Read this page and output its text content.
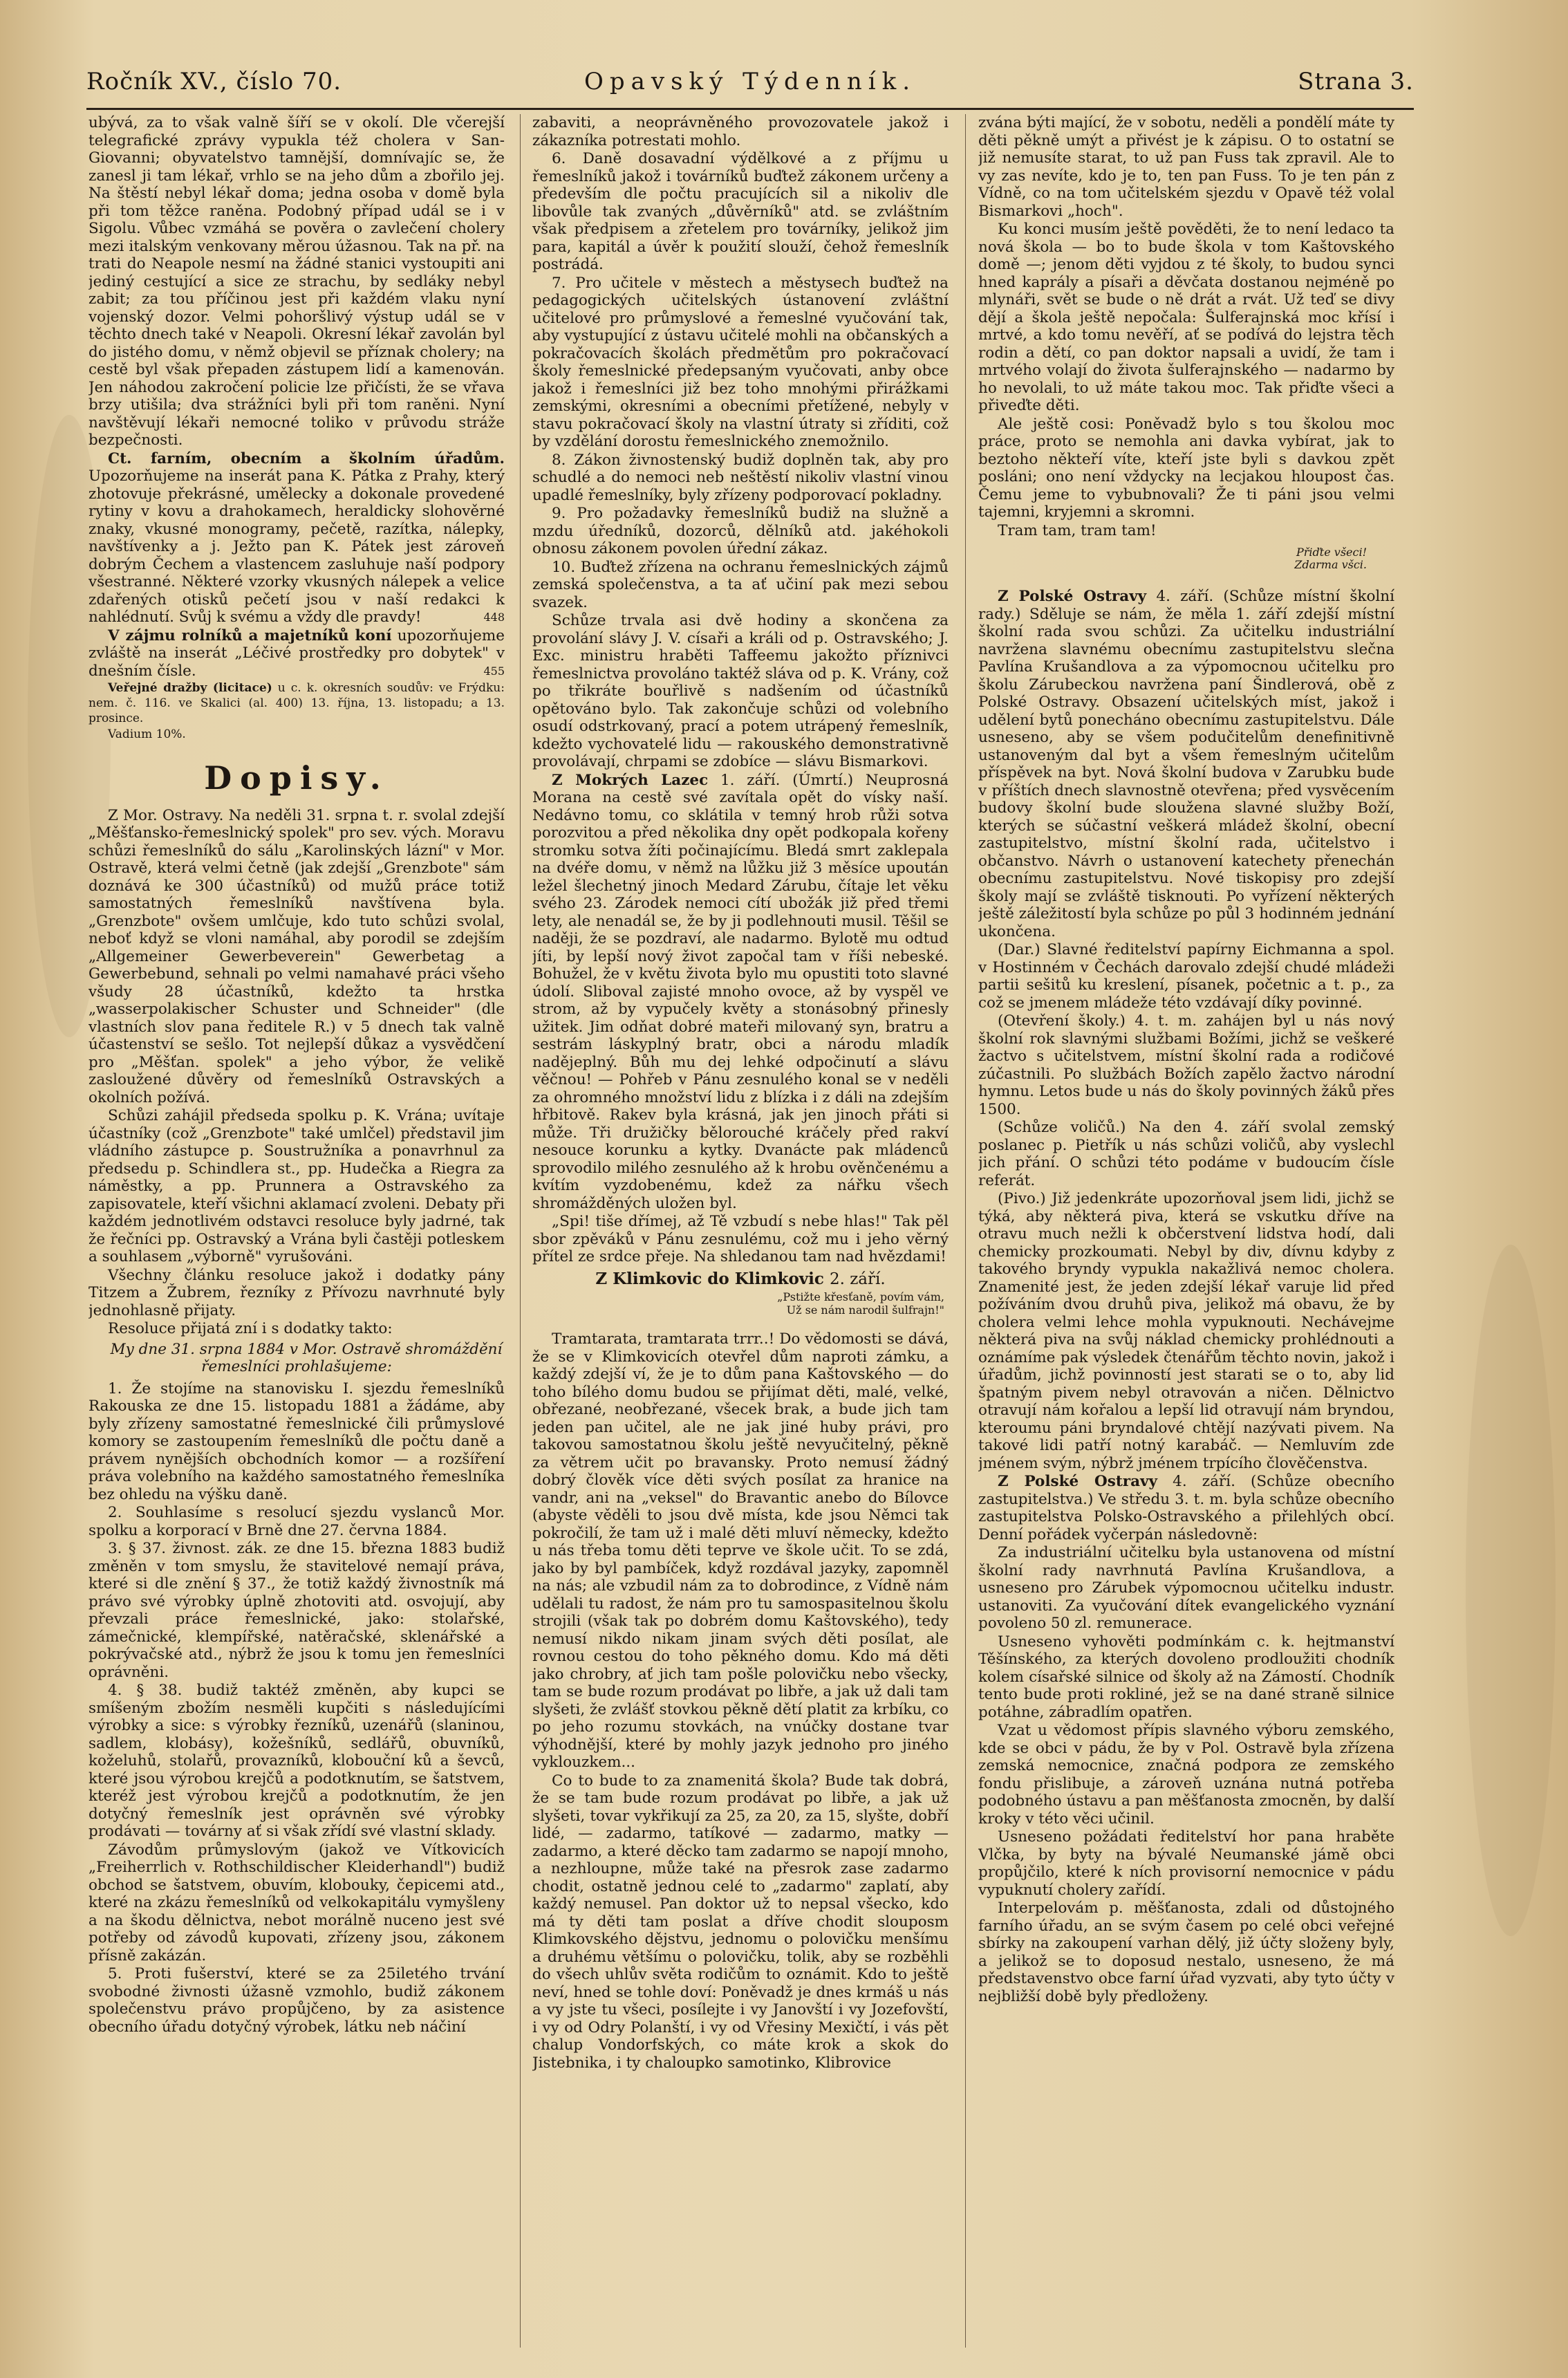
Ročník XV., číslo 70.	Opavský Týdenník.	Strana 3.

ubývá, za to však valně šíří se v okolí. Dle včerejší telegrafické zprávy vypukla též cholera v San-Giovanni; obyvatelstvo tamnější, domnívajíc se, že zanesl ji tam lékař, vrhlo se na jeho dům a zbořilo jej. Na štěstí nebyl lékař doma; jedna osoba v domě byla při tom těžce raněna. Podobný případ udál se i v Sigolu. Vůbec vzmáhá se pověra o zavlečení cholery mezi italským venkovany měrou úžasnou. Tak na př. na trati do Neapole nesmí na žádné stanici vystoupiti ani jediný cestující a sice ze strachu, by sedláky nebyl zabit; za tou příčinou jest při každém vlaku nyní vojenský dozor. Velmi pohoršlivý výstup udál se v těchto dnech také v Neapoli. Okresní lékař zavolán byl do jistého domu, v němž objevil se příznak cholery; na cestě byl však přepaden zástupem lidí a kamenován. Jen náhodou zakročení policie lze přičísti, že se vřava brzy utišila; dva strážníci byli při tom raněni. Nyní navštěvují lékaři nemocné toliko v průvodu stráže bezpečnosti.

Ct. farním, obecním a školním úřadům. Upozorňujeme na inserát pana K. Pátka z Prahy, který zhotovuje překrásné, umělecky a dokonale provedené rytiny v kovu a drahokamech, heraldicky slohověrné znaky, vkusné monogramy, pečetě, razítka, nálepky, navštívenky a j. Ježto pan K. Pátek jest zároveň dobrým Čechem a vlastencem zasluhuje naší podpory všestranné. Některé vzorky vkusných nálepek a velice zdařených otisků pečetí jsou v naší redakci k nahlédnutí. Svůj k svému a vždy dle pravdy!	448

V zájmu rolníků a majetníků koní upozorňujeme zvláště na inserát „Léčivé prostředky pro dobytek" v dnešním čísle.	455

Veřejné dražby (licitace) u c. k. okresních soudův: ve Frýdku: nem. č. 116. ve Skalici (al. 400) 13. října, 13. listopadu; a 13. prosince.

Vadium 10%.

Dopisy.

Z Mor. Ostravy. Na neděli 31. srpna t. r. svolal zdejší „Měšťansko-řemeslnický spolek" pro sev. vých. Moravu schůzi řemeslníků do sálu „Karolinských lázní" v Mor. Ostravě, která velmi četně (jak zdejší „Grenzbote" sám doznává ke 300 účastníků) od mužů práce totiž samostatných řemeslníků navštívena byla. „Grenzbote" ovšem umlčuje, kdo tuto schůzi svolal, neboť když se vloni namáhal, aby porodil se zdejším „Allgemeiner Gewerbeverein" Gewerbetag a Gewerbebund, sehnali po velmi namahavé práci všeho všudy 28 účastníků, kdežto ta hrstka „wasserpolakischer Schuster und Schneider" (dle vlastních slov pana ředitele R.) v 5 dnech tak valně účastenství se sešlo. Tot nejlepší důkaz a vysvědčení pro „Měšťan. spolek" a jeho výbor, že velikě zasloužené důvěry od řemeslníků Ostravských a okolních požívá.

Schůzi zahájil předseda spolku p. K. Vrána; uvítaje účastníky (což „Grenzbote" také umlčel) představil jim vládního zástupce p. Soustružníka a ponavrhnul za předsedu p. Schindlera st., pp. Hudečka a Riegra za náměstky, a pp. Prunnera a Ostravského za zapisovatele, kteří všichni aklamací zvoleni. Debaty při každém jednotlivém odstavci resoluce byly jadrné, tak že řečníci pp. Ostravský a Vrána byli častěji potleskem a souhlasem „výborně" vyrušováni.

Všechny článku resoluce jakož i dodatky pány Titzem a Žubrem, řezníky z Přívozu navrhnuté byly jednohlasně přijaty.

Resoluce přijatá zní i s dodatky takto:

My dne 31. srpna 1884 v Mor. Ostravě shromáždění řemeslníci prohlašujeme:

1. Že stojíme na stanovisku I. sjezdu řemeslníků Rakouska ze dne 15. listopadu 1881 a žádáme, aby byly zřízeny samostatné řemeslnické čili průmyslové komory se zastoupením řemeslníků dle počtu daně a právem nynějších obchodních komor — a rozšíření práva volebního na každého samostatného řemeslníka bez ohledu na výšku daně.

2. Souhlasíme s resolucí sjezdu vyslanců Mor. spolku a korporací v Brně dne 27. června 1884.

3. § 37. živnost. zák. ze dne 15. března 1883 budiž změněn v tom smyslu, že stavitelové nemají práva, které si dle znění § 37., že totiž každý živnostník má právo své výrobky úplně zhotoviti atd. osvojují, aby převzali práce řemeslnické, jako: stolařské, zámečnické, klempířské, natěračské, sklenářské a pokrývačské atd., nýbrž že jsou k tomu jen řemeslníci oprávněni.

4. § 38. budiž taktéž změněn, aby kupci se smíšeným zbožím nesměli kupčiti s následujícími výrobky a sice: s výrobky řezníků, uzenářů (slaninou, sadlem, klobásy), kožešníků, sedlářů, obuvníků, koželuhů, stolařů, provazníků, klobouční ků a ševců, které jsou výrobou krejčů a podotknutím, se šatstvem, kteréž jest výrobou krejčů a podotknutím, že jen dotyčný řemeslník jest oprávněn své výrobky prodávati — továrny ať si však zřídí své vlastní sklady.

Závodům průmyslovým (jakož ve Vítkovicích „Freiherrlich v. Rothschildischer Kleiderhandl") budiž obchod se šatstvem, obuvím, klobouky, čepicemi atd., které na zkázu řemeslníků od velkokapitálu vymyšleny a na škodu dělnictva, nebot morálně nuceno jest své potřeby od závodů kupovati, zřízeny jsou, zákonem přísně zakázán.

5. Proti fušerství, které se za 25iletého trvání svobodné živnosti úžasně vzmohlo, budiž zákonem společenstvu právo propůjčeno, by za asistence obecního úřadu dotyčný výrobek, látku neb náčiní

zabaviti, a neoprávněného provozovatele jakož i zákazníka potrestati mohlo.

6. Daně dosavadní výdělkové a z příjmu u řemeslníků jakož i továrníků buďtež zákonem určeny a především dle počtu pracujících sil a nikoliv dle libovůle tak zvaných „důvěrníků" atd. se zvláštním však předpisem a zřetelem pro továrníky, jelikož jim para, kapitál a úvěr k použití slouží, čehož řemeslník postrádá.

7. Pro učitele v městech a městysech buďtež na pedagogických učitelských ústanovení zvláštní učitelové pro průmyslové a řemeslné vyučování tak, aby vystupující z ústavu učitelé mohli na občanských a pokračovacích školách předmětům pro pokračovací školy řemeslnické předepsaným vyučovati, anby obce jakož i řemeslníci již bez toho mnohými přirážkami zemskými, okresními a obecními přetížené, nebyly v stavu pokračovací školy na vlastní útraty si zříditi, což by vzdělání dorostu řemeslnického znemožnilo.

8. Zákon živnostenský budiž doplněn tak, aby pro schudlé a do nemoci neb neštěstí nikoliv vlastní vinou upadlé řemeslníky, byly zřízeny podporovací pokladny.

9. Pro požadavky řemeslníků budiž na služně a mzdu úředníků, dozorců, dělníků atd. jakéhokoli obnosu zákonem povolen úřední zákaz.

10. Buďtež zřízena na ochranu řemeslnických zájmů zemská společenstva, a ta ať učiní pak mezi sebou svazek.

Schůze trvala asi dvě hodiny a skončena za provolání slávy J. V. císaři a králi od p. Ostravského; J. Exc. ministru hraběti Taffeemu jakožto příznivci řemeslnictva provoláno taktéž sláva od p. K. Vrány, což po třikráte bouřlivě s nadšením od účastníků opětováno bylo. Tak zakončuje schůzi od volebního osudí odstrkovaný, prací a potem utrápený řemeslník, kdežto vychovatelé lidu — rakouského demonstrativně provolávají, chrpami se zdobíce — slávu Bismarkovi.

Z Mokrých Lazec 1. září. (Úmrtí.) Neuprosná Morana na cestě své zavítala opět do vísky naší. Nedávno tomu, co sklátila v temný hrob růži sotva porozvitou a před několika dny opět podkopala kořeny stromku sotva žíti počinajícímu. Bledá smrt zaklepala na dvéře domu, v němž na lůžku již 3 měsíce upoután ležel šlechetný jinoch Medard Zárubu, čítaje let věku svého 23. Zárodek nemoci cítí ubožák již před třemi lety, ale nenadál se, že by ji podlehnouti musil. Těšil se naději, že se pozdraví, ale nadarmo. Bylotě mu odtud jíti, by lepší nový život započal tam v říši nebeské. Bohužel, že v květu života bylo mu opustiti toto slavné údolí. Sliboval zajisté mnoho ovoce, až by vyspěl ve strom, až by vypučely květy a stonásobný přinesly užitek. Jim odňat dobré mateři milovaný syn, bratru a sestrám láskyplný bratr, obci a národu mladík nadějeplný. Bůh mu dej lehké odpočinutí a slávu věčnou! — Pohřeb v Pánu zesnulého konal se v neděli za ohromného množství lidu z blízka i z dáli na zdejším hřbitově. Rakev byla krásná, jak jen jinoch přáti si může. Tři družičky bělorouché kráčely před rakví nesouce korunku a kytky. Dvanácte pak mládenců sprovodilo milého zesnulého až k hrobu ověnčenému a kvítím vyzdobenému, kdež za nářku všech shromážděných uložen byl.

„Spi! tiše dřímej, až Tě vzbudí s nebe hlas!" Tak pěl sbor zpěváků v Pánu zesnulému, což mu i jeho věrný přítel ze srdce přeje. Na shledanou tam nad hvězdami!

Z Klimkovic do Klimkovic 2. září.
„Pstižte křesťaně, povím vám,
Už se nám narodil šulfrajn!"

Tramtarata, tramtarata trrr..! Do vědomosti se dává, že se v Klimkovicích otevřel dům naproti zámku, a každý zdejší ví, že je to dům pana Kaštovského — do toho bílého domu budou se přijímat děti, malé, velké, obřezané, neobřezané, všecek brak, a bude jich tam jeden pan učitel, ale ne jak jiné huby právi, pro takovou samostatnou školu ještě nevyučitelný, pěkně za větrem učit po bravansky. Proto nemusí žádný dobrý člověk více děti svých posílat za hranice na vandr, ani na „veksel" do Bravantic anebo do Bílovce (abyste věděli to jsou dvě místa, kde jsou Němci tak pokročilí, že tam už i malé děti mluví německy, kdežto u nás třeba tomu děti teprve ve škole učit. To se zdá, jako by byl pambíček, když rozdával jazyky, zapomněl na nás; ale vzbudil nám za to dobrodince, z Vídně nám udělali tu radost, že nám pro tu samospasitelnou školu strojili (však tak po dobrém domu Kaštovského), tedy nemusí nikdo nikam jinam svých děti posílat, ale rovnou cestou do toho pěkného domu. Kdo má děti jako chrobry, ať jich tam pošle polovičku nebo všecky, tam se bude rozum prodávat po libře, a jak už dali tam slyšeti, že zvlášť stovkou pěkně dětí platit za krbíku, co po jeho rozumu stovkách, na vnúčky dostane tvar výhodnější, které by mohly jazyk jednoho pro jiného vyklouzkem...

Co to bude to za znamenitá škola? Bude tak dobrá, že se tam bude rozum prodávat po libře, a jak už slyšeti, tovar vykřikují za 25, za 20, za 15, slyšte, dobří lidé, — zadarmo, tatíkové — zadarmo, matky — zadarmo, a které děcko tam zadarmo se napojí mnoho, a nezhloupne, může také na přesrok zase zadarmo chodit, ostatně jednou celé to „zadarmo" zaplatí, aby každý nemusel. Pan doktor už to nepsal všecko, kdo má ty děti tam poslat a dříve chodit slouposm Klimkovského dějstvu, jednomu o polovičku menšímu a druhému většímu o polovičku, tolik, aby se rozběhli do všech uhlův světa rodičům to oznámit. Kdo to ještě neví, hned se tohle doví: Poněvadž je dnes krmáš u nás a vy jste tu všeci, posílejte i vy Janovští i vy Jozefovští, i vy od Odry Polanští, i vy od Vřesiny Mexičtí, i vás pět chalup Vondorfských, co máte krok a skok do Jistebnika, i ty chaloupko samotinko, Klibrovice

zvána býti mající, že v sobotu, neděli a pondělí máte ty děti pěkně umýt a přivést je k zápisu. O to ostatní se již nemusíte starat, to už pan Fuss tak zpravil. Ale to vy zas nevíte, kdo je to, ten pan Fuss. To je ten pán z Vídně, co na tom učitelském sjezdu v Opavě též volal Bismarkovi „hoch".

Ku konci musím ještě pověděti, že to není ledaco ta nová škola — bo to bude škola v tom Kaštovského domě —; jenom děti vyjdou z té školy, to budou synci hned kaprály a písaři a děvčata dostanou nejméně po mlynáři, svět se bude o ně drát a rvát. Už teď se divy dějí a škola ještě nepočala: Šulferajnská moc křísí i mrtvé, a kdo tomu nevěří, ať se podívá do lejstra těch rodin a dětí, co pan doktor napsali a uvidí, že tam i mrtvého volají do života šulferajnského — nadarmo by ho nevolali, to už máte takou moc. Tak přiďte všeci a přiveďte děti.

Ale ještě cosi: Poněvadž bylo s tou školou moc práce, proto se nemohla ani davka vybírat, jak to beztoho někteří víte, kteří jste byli s davkou zpět posláni; ono není vždycky na lecjakou hloupost čas. Čemu jeme to vybubnovali? Že ti páni jsou velmi tajemni, kryjemni a skromni.

Tram tam, tram tam!

Přiďte všeci!
Zdarma všci.

Z Polské Ostravy 4. září. (Schůze místní školní rady.) Sděluje se nám, že měla 1. září zdejší místní školní rada svou schůzi. Za učitelku industriální navržena slavnému obecnímu zastupitelstvu slečna Pavlína Krušandlova a za výpomocnou učitelku pro školu Zárubeckou navržena paní Šindlerová, obě z Polské Ostravy. Obsazení učitelských míst, jakož i udělení bytů ponecháno obecnímu zastupitelstvu. Dále usneseno, aby se všem podučitelům denefinitivně ustanoveným dal byt a všem řemeslným učitelům příspěvek na byt. Nová školní budova v Zarubku bude v příštích dnech slavnostně otevřena; před vysvěcením budovy školní bude sloužena slavné služby Boží, kterých se súčastní veškerá mládež školní, obecní zastupitelstvo, místní školní rada, učitelstvo i občanstvo. Návrh o ustanovení katechety přenechán obecnímu zastupitelstvu. Nové tiskopisy pro zdejší školy mají se zvláště tisknouti. Po vyřízení některých ještě záležitostí byla schůze po půl 3 hodinném jednání ukončena.

(Dar.) Slavné ředitelství papírny Eichmanna a spol. v Hostinném v Čechách darovalo zdejší chudé mládeži partii sešitů ku kreslení, písanek, početnic a t. p., za což se jmenem mládeže této vzdávají díky povinné.

(Otevření školy.) 4. t. m. zahájen byl u nás nový školní rok slavnými službami Božími, jichž se veškeré žactvo s učitelstvem, místní školní rada a rodičové zúčastnili. Po službách Božích zapělo žactvo národní hymnu. Letos bude u nás do školy povinných žáků přes 1500.

(Schůze voličů.) Na den 4. září svolal zemský poslanec p. Pietřík u nás schůzi voličů, aby vyslechl jich přání. O schůzi této podáme v budoucím čísle referát.

(Pivo.) Již jedenkráte upozorňoval jsem lidi, jichž se týká, aby některá piva, která se vskutku dříve na otravu much nežli k občerstvení lidstva hodí, dali chemicky prozkoumati. Nebyl by div, dívnu kdyby z takového bryndy vypukla nakažlivá nemoc cholera. Znamenité jest, že jeden zdejší lékař varuje lid před požíváním dvou druhů piva, jelikož má obavu, že by cholera velmi lehce mohla vypuknouti. Nechávejme některá piva na svůj náklad chemicky prohlédnouti a oznámíme pak výsledek čtenářům těchto novin, jakož i úřadům, jichž povinností jest starati se o to, aby lid špatným pivem nebyl otravován a ničen. Dělnictvo otravují nám kořalou a lepší lid otravují nám bryndou, kteroumu páni bryndalové chtějí nazývati pivem. Na takové lidi patří notný karabáč. — Nemluvím zde jménem svým, nýbrž jménem trpícího člověčenstva.

Z Polské Ostravy 4. září. (Schůze obecního zastupitelstva.) Ve středu 3. t. m. byla schůze obecního zastupitelstva Polsko-Ostravského a přilehlých obcí. Denní pořádek vyčerpán následovně:

Za industriální učitelku byla ustanovena od místní školní rady navrhnutá Pavlína Krušandlova, a usneseno pro Zárubek výpomocnou učitelku industr. ustanoviti. Za vyučování dítek evangelického vyznání povoleno 50 zl. remunerace.

Usneseno vyhověti podmínkám c. k. hejtmanství Těšínského, za kterých dovoleno prodloužiti chodník kolem císařské silnice od školy až na Zámostí. Chodník tento bude proti rokliné, jež se na dané straně silnice potáhne, zábradlím opatřen.

Vzat u vědomost přípis slavného výboru zemského, kde se obci v pádu, že by v Pol. Ostravě byla zřízena zemská nemocnice, značná podpora ze zemského fondu přislibuje, a zároveň uznána nutná potřeba podobného ústavu a pan měšťanosta zmocněn, by další kroky v této věci učinil.

Usneseno požádati ředitelství hor pana hraběte Vlčka, by byty na bývalé Neumanské jámě obci propůjčilo, které k ních provisorní nemocnice v pádu vypuknutí cholery zařídí.

Interpelovám p. měšťanosta, zdali od důstojného farního úřadu, an se svým časem po celé obci veřejné sbírky na zakoupení varhan dělý, již účty složeny byly, a jelikož se to doposud nestalo, usneseno, že má představenstvo obce farní úřad vyzvati, aby tyto účty v nejbližší době byly předloženy.
